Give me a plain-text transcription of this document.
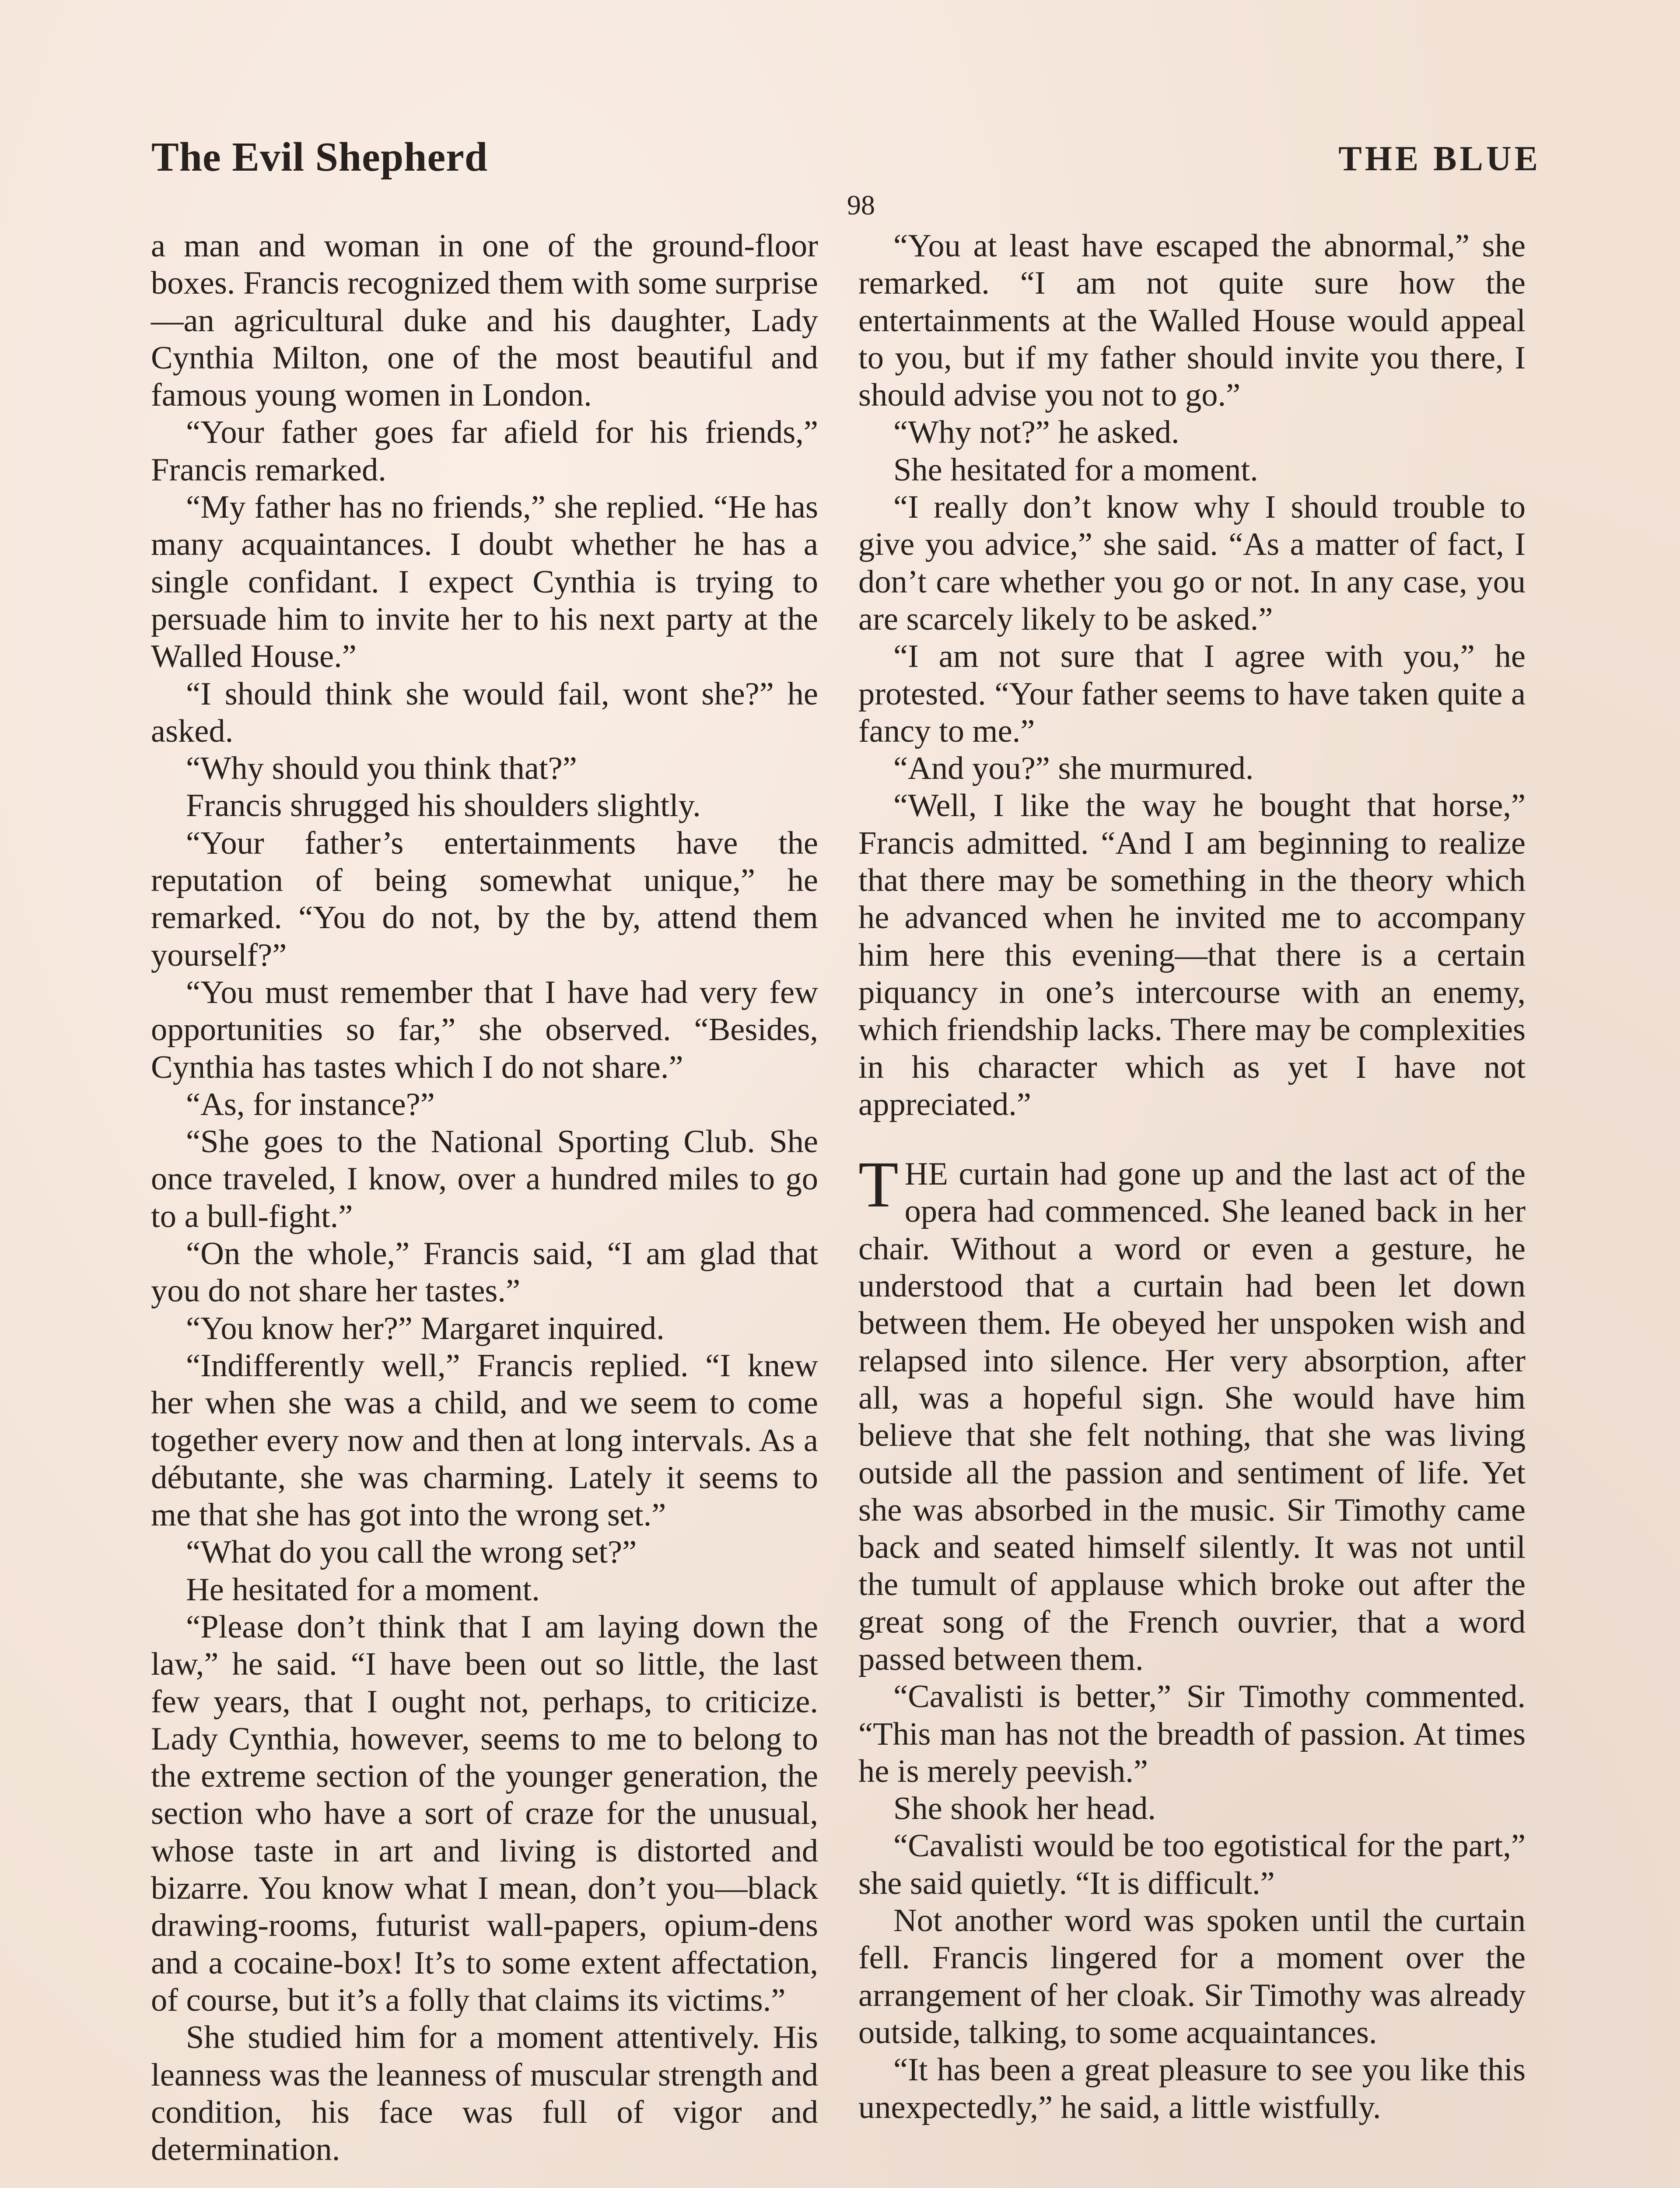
The Evil Shepherd	THE BLUE
98

a man and woman in one of the ground-floor boxes. Francis recognized them with some surprise—an agricultural duke and his daughter, Lady Cynthia Milton, one of the most beautiful and famous young women in London.

“Your father goes far afield for his friends,” Francis remarked.

“My father has no friends,” she replied. “He has many acquaintances. I doubt whether he has a single confidant. I expect Cynthia is trying to persuade him to invite her to his next party at the Walled House.”

“I should think she would fail, wont she?” he asked.

“Why should you think that?”

Francis shrugged his shoulders slightly.

“Your father’s entertainments have the reputation of being somewhat unique,” he remarked. “You do not, by the by, attend them yourself?”

“You must remember that I have had very few opportunities so far,” she observed. “Besides, Cynthia has tastes which I do not share.”

“As, for instance?”

“She goes to the National Sporting Club. She once traveled, I know, over a hundred miles to go to a bull-fight.”

“On the whole,” Francis said, “I am glad that you do not share her tastes.”

“You know her?” Margaret inquired.

“Indifferently well,” Francis replied. “I knew her when she was a child, and we seem to come together every now and then at long intervals. As a débutante, she was charming. Lately it seems to me that she has got into the wrong set.”

“What do you call the wrong set?”

He hesitated for a moment.

“Please don’t think that I am laying down the law,” he said. “I have been out so little, the last few years, that I ought not, perhaps, to criticize. Lady Cynthia, however, seems to me to belong to the extreme section of the younger generation, the section who have a sort of craze for the unusual, whose taste in art and living is distorted and bizarre. You know what I mean, don’t you—black drawing-rooms, futurist wall-papers, opium-dens and a cocaine-box! It’s to some extent affectation, of course, but it’s a folly that claims its victims.”

She studied him for a moment attentively. His leanness was the leanness of muscular strength and condition, his face was full of vigor and determination.

“You at least have escaped the abnormal,” she remarked. “I am not quite sure how the entertainments at the Walled House would appeal to you, but if my father should invite you there, I should advise you not to go.”

“Why not?” he asked.

She hesitated for a moment.

“I really don’t know why I should trouble to give you advice,” she said. “As a matter of fact, I don’t care whether you go or not. In any case, you are scarcely likely to be asked.”

“I am not sure that I agree with you,” he protested. “Your father seems to have taken quite a fancy to me.”

“And you?” she murmured.

“Well, I like the way he bought that horse,” Francis admitted. “And I am beginning to realize that there may be something in the theory which he advanced when he invited me to accompany him here this evening—that there is a certain piquancy in one’s intercourse with an enemy, which friendship lacks. There may be complexities in his character which as yet I have not appreciated.”

THE curtain had gone up and the last act of the opera had commenced. She leaned back in her chair. Without a word or even a gesture, he understood that a curtain had been let down between them. He obeyed her unspoken wish and relapsed into silence. Her very absorption, after all, was a hopeful sign. She would have him believe that she felt nothing, that she was living outside all the passion and sentiment of life. Yet she was absorbed in the music. Sir Timothy came back and seated himself silently. It was not until the tumult of applause which broke out after the great song of the French ouvrier, that a word passed between them.

“Cavalisti is better,” Sir Timothy commented. “This man has not the breadth of passion. At times he is merely peevish.”

She shook her head.

“Cavalisti would be too egotistical for the part,” she said quietly. “It is difficult.”

Not another word was spoken until the curtain fell. Francis lingered for a moment over the arrangement of her cloak. Sir Timothy was already outside, talking, to some acquaintances.

“It has been a great pleasure to see you like this unexpectedly,” he said, a little wistfully.
